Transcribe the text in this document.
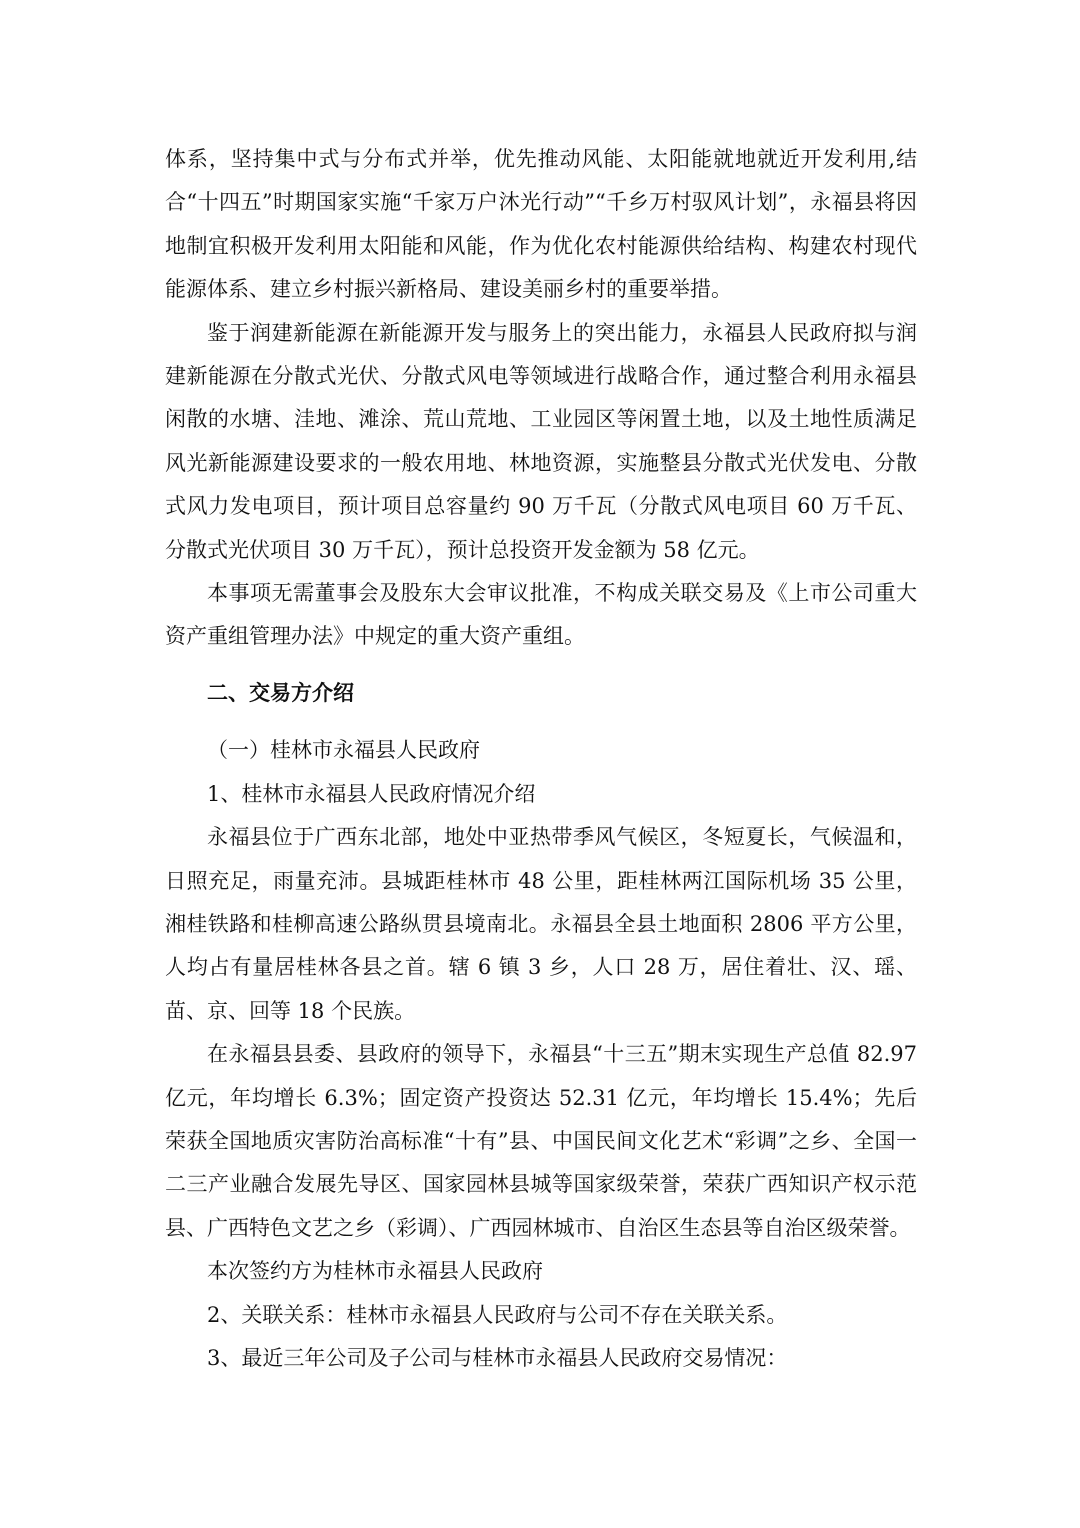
体系，坚持集中式与分布式并举，优先推动风能、太阳能就地就近开发利用,结合“十四五”时期国家实施“千家万户沐光行动”“千乡万村驭风计划”，永福县将因地制宜积极开发利用太阳能和风能，作为优化农村能源供给结构、构建农村现代能源体系、建立乡村振兴新格局、建设美丽乡村的重要举措。

鉴于润建新能源在新能源开发与服务上的突出能力，永福县人民政府拟与润建新能源在分散式光伏、分散式风电等领域进行战略合作，通过整合利用永福县闲散的水塘、洼地、滩涂、荒山荒地、工业园区等闲置土地，以及土地性质满足风光新能源建设要求的一般农用地、林地资源，实施整县分散式光伏发电、分散式风力发电项目，预计项目总容量约 90 万千瓦（分散式风电项目 60 万千瓦、分散式光伏项目 30 万千瓦），预计总投资开发金额为 58 亿元。

本事项无需董事会及股东大会审议批准，不构成关联交易及《上市公司重大资产重组管理办法》中规定的重大资产重组。

二、交易方介绍

（一）桂林市永福县人民政府

1、桂林市永福县人民政府情况介绍

永福县位于广西东北部，地处中亚热带季风气候区，冬短夏长，气候温和，日照充足，雨量充沛。县城距桂林市 48 公里，距桂林两江国际机场 35 公里，湘桂铁路和桂柳高速公路纵贯县境南北。永福县全县土地面积 2806 平方公里，人均占有量居桂林各县之首。辖 6 镇 3 乡，人口 28 万，居住着壮、汉、瑶、苗、京、回等 18 个民族。

在永福县县委、县政府的领导下，永福县“十三五”期末实现生产总值 82.97 亿元，年均增长 6.3%；固定资产投资达 52.31 亿元，年均增长 15.4%；先后荣获全国地质灾害防治高标准“十有”县、中国民间文化艺术“彩调”之乡、全国一二三产业融合发展先导区、国家园林县城等国家级荣誉，荣获广西知识产权示范县、广西特色文艺之乡（彩调）、广西园林城市、自治区生态县等自治区级荣誉。

本次签约方为桂林市永福县人民政府

2、关联关系：桂林市永福县人民政府与公司不存在关联关系。

3、最近三年公司及子公司与桂林市永福县人民政府交易情况：
